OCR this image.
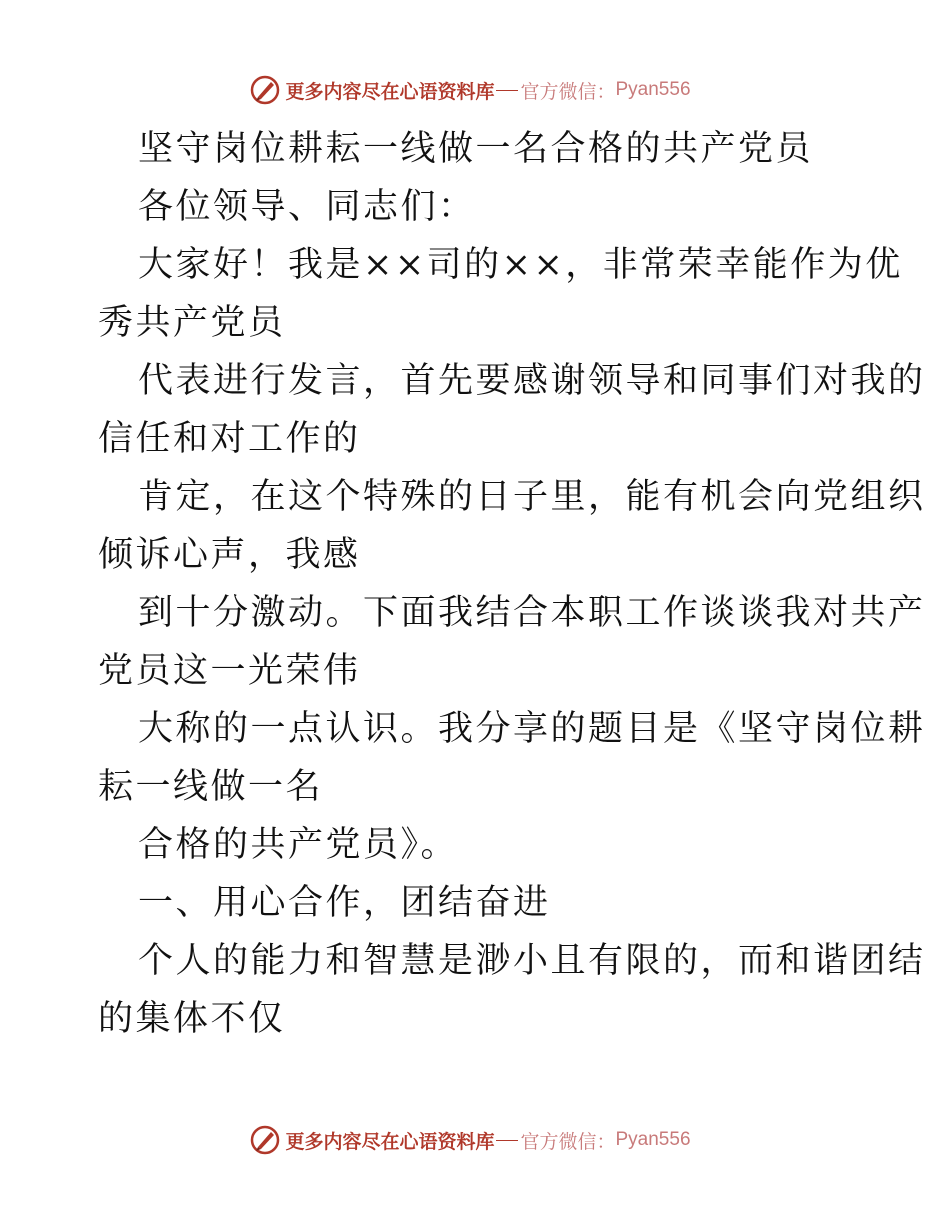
更多内容尽在心语资料库 官方微信： Pyan556
坚守岗位耕耘一线做一名合格的共产党员
各位领导、同志们：
大家好！我是××司的××，非常荣幸能作为优
秀共产党员
代表进行发言，首先要感谢领导和同事们对我的
信任和对工作的
肯定，在这个特殊的日子里，能有机会向党组织
倾诉心声，我感
到十分激动。下面我结合本职工作谈谈我对共产
党员这一光荣伟
大称的一点认识。我分享的题目是《坚守岗位耕
耘一线做一名
合格的共产党员》。
一、用心合作，团结奋进
个人的能力和智慧是渺小且有限的，而和谐团结
的集体不仅
更多内容尽在心语资料库 官方微信： Pyan556
